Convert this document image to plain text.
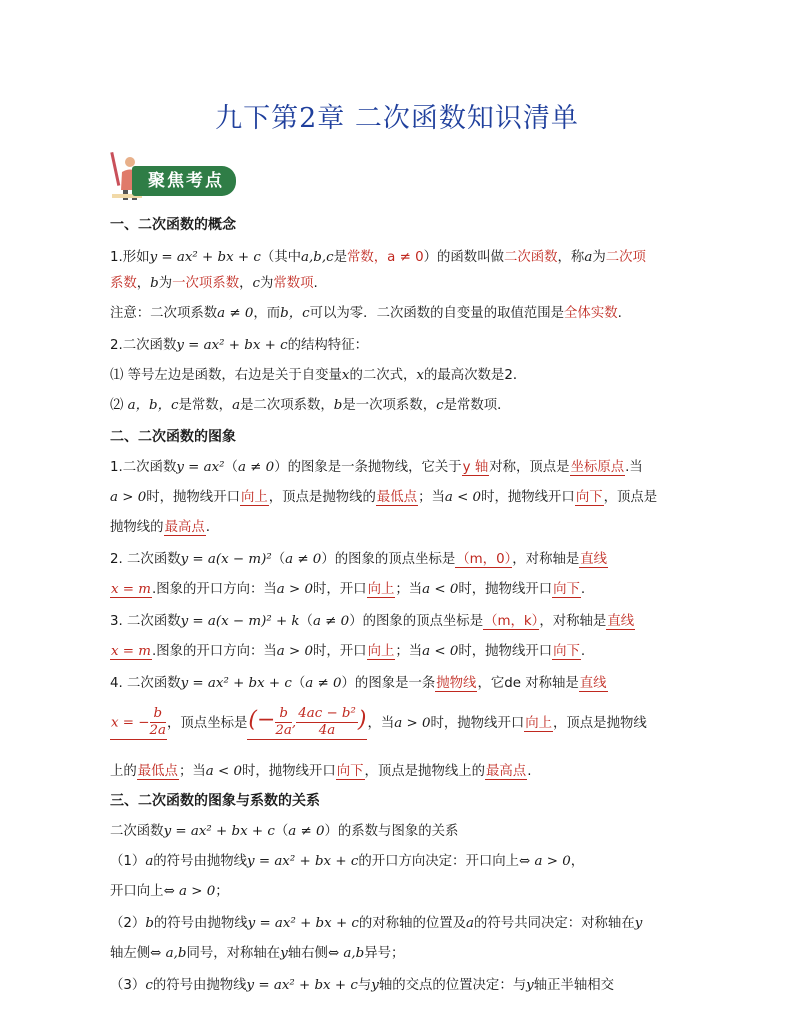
九下第2章 二次函数知识清单
聚焦考点
一、二次函数的概念
1.形如y = ax² + bx + c（其中a,b,c是常数，a ≠ 0）的函数叫做二次函数，称a为二次项
系数，b为一次项系数，c为常数项.
注意：二次项系数a ≠ 0，而b，c可以为零．二次函数的自变量的取值范围是全体实数.
2.二次函数y = ax² + bx + c的结构特征：
⑴ 等号左边是函数，右边是关于自变量x的二次式，x的最高次数是2．
⑵ a，b，c是常数，a是二次项系数，b是一次项系数，c是常数项．
二、二次函数的图象
1.二次函数y = ax²（a ≠ 0）的图象是一条抛物线，它关于y 轴对称，顶点是坐标原点.当
a > 0时，抛物线开口向上，顶点是抛物线的最低点；当a < 0时，抛物线开口向下，顶点是
抛物线的最高点.
2. 二次函数y = a(x − m)²（a ≠ 0）的图象的顶点坐标是（m，0），对称轴是直线
x = m.图象的开口方向：当a > 0时，开口向上；当a < 0时，抛物线开口向下.
3. 二次函数y = a(x − m)² + k（a ≠ 0）的图象的顶点坐标是（m，k），对称轴是直线
x = m.图象的开口方向：当a > 0时，开口向上；当a < 0时，抛物线开口向下.
4. 二次函数y = ax² + bx + c（a ≠ 0）的图象是一条抛物线，它de 对称轴是直线
x = − $\frac{b}{2a}$ ，顶点坐标是(− $\frac{b}{2a}$ , $\frac{\text{4ac − b²}}{4a}$ )，当a > 0时，抛物线开口向上，顶点是抛物线
上的最低点；当a < 0时，抛物线开口向下，顶点是抛物线上的最高点.
三、二次函数的图象与系数的关系
二次函数y = ax² + bx + c（a ≠ 0）的系数与图象的关系
（1）a的符号由抛物线y = ax² + bx + c的开口方向决定：开口向上⇔ a > 0，
开口向上⇔ a > 0；
（2）b的符号由抛物线y = ax² + bx + c的对称轴的位置及a的符号共同决定：对称轴在y
轴左侧⇔ a,b同号，对称轴在y轴右侧⇔ a,b异号；
（3）c的符号由抛物线y = ax² + bx + c与y轴的交点的位置决定：与y轴正半轴相交
